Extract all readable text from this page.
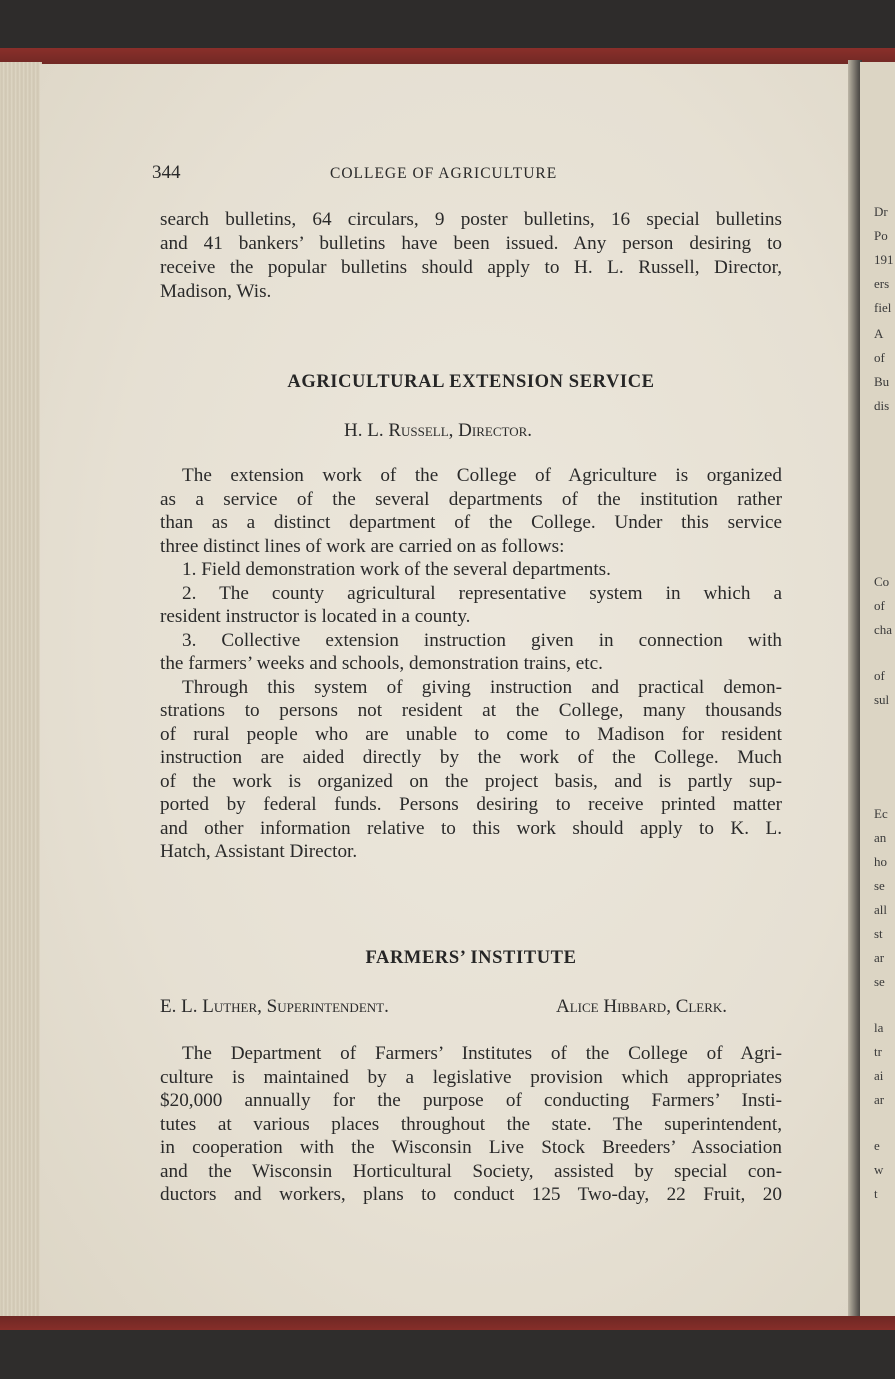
Dr
Po
191
ers
fiel
A
of
Bu
dis
Co
of
cha
of
sul
Ec
an
ho
se
all
st
ar
se
la
tr
ai
ar
e
w
t
344	COLLEGE OF AGRICULTURE
search bulletins, 64 circulars, 9 poster bulletins, 16 special bulletins
and 41 bankers’ bulletins have been issued. Any person desiring to
receive the popular bulletins should apply to H. L. Russell, Director,
Madison, Wis.
AGRICULTURAL EXTENSION SERVICE
H. L. Russell, Director.
The extension work of the College of Agriculture is organized
as a service of the several departments of the institution rather
than as a distinct department of the College. Under this service
three distinct lines of work are carried on as follows:
1. Field demonstration work of the several departments.
2. The county agricultural representative system in which a
resident instructor is located in a county.
3. Collective extension instruction given in connection with
the farmers’ weeks and schools, demonstration trains, etc.
Through this system of giving instruction and practical demon-
strations to persons not resident at the College, many thousands
of rural people who are unable to come to Madison for resident
instruction are aided directly by the work of the College. Much
of the work is organized on the project basis, and is partly sup-
ported by federal funds. Persons desiring to receive printed matter
and other information relative to this work should apply to K. L.
Hatch, Assistant Director.
FARMERS’ INSTITUTE
E. L. Luther, Superintendent.	Alice Hibbard, Clerk.
The Department of Farmers’ Institutes of the College of Agri-
culture is maintained by a legislative provision which appropriates
$20,000 annually for the purpose of conducting Farmers’ Insti-
tutes at various places throughout the state. The superintendent,
in cooperation with the Wisconsin Live Stock Breeders’ Association
and the Wisconsin Horticultural Society, assisted by special con-
ductors and workers, plans to conduct 125 Two-day, 22 Fruit, 20
